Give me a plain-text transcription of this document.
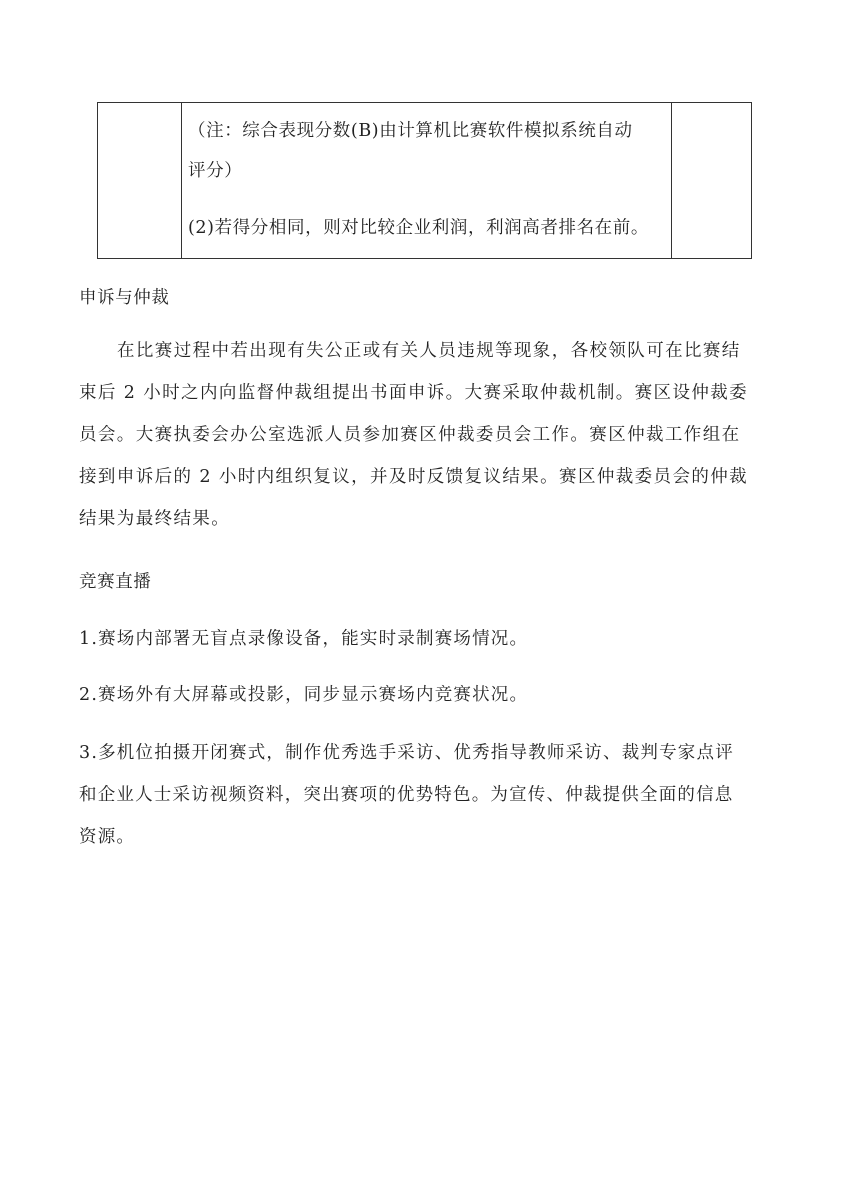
（注：综合表现分数(B)由计算机比赛软件模拟系统自动
评分）
(2)若得分相同，则对比较企业利润，利润高者排名在前。
申诉与仲裁
在比赛过程中若出现有失公正或有关人员违规等现象，各校领队可在比赛结
束后 2 小时之内向监督仲裁组提出书面申诉。大赛采取仲裁机制。赛区设仲裁委
员会。大赛执委会办公室选派人员参加赛区仲裁委员会工作。赛区仲裁工作组在
接到申诉后的 2 小时内组织复议，并及时反馈复议结果。赛区仲裁委员会的仲裁
结果为最终结果。
竞赛直播
1.赛场内部署无盲点录像设备，能实时录制赛场情况。
2.赛场外有大屏幕或投影，同步显示赛场内竞赛状况。
3.多机位拍摄开闭赛式，制作优秀选手采访、优秀指导教师采访、裁判专家点评
和企业人士采访视频资料，突出赛项的优势特色。为宣传、仲裁提供全面的信息
资源。
